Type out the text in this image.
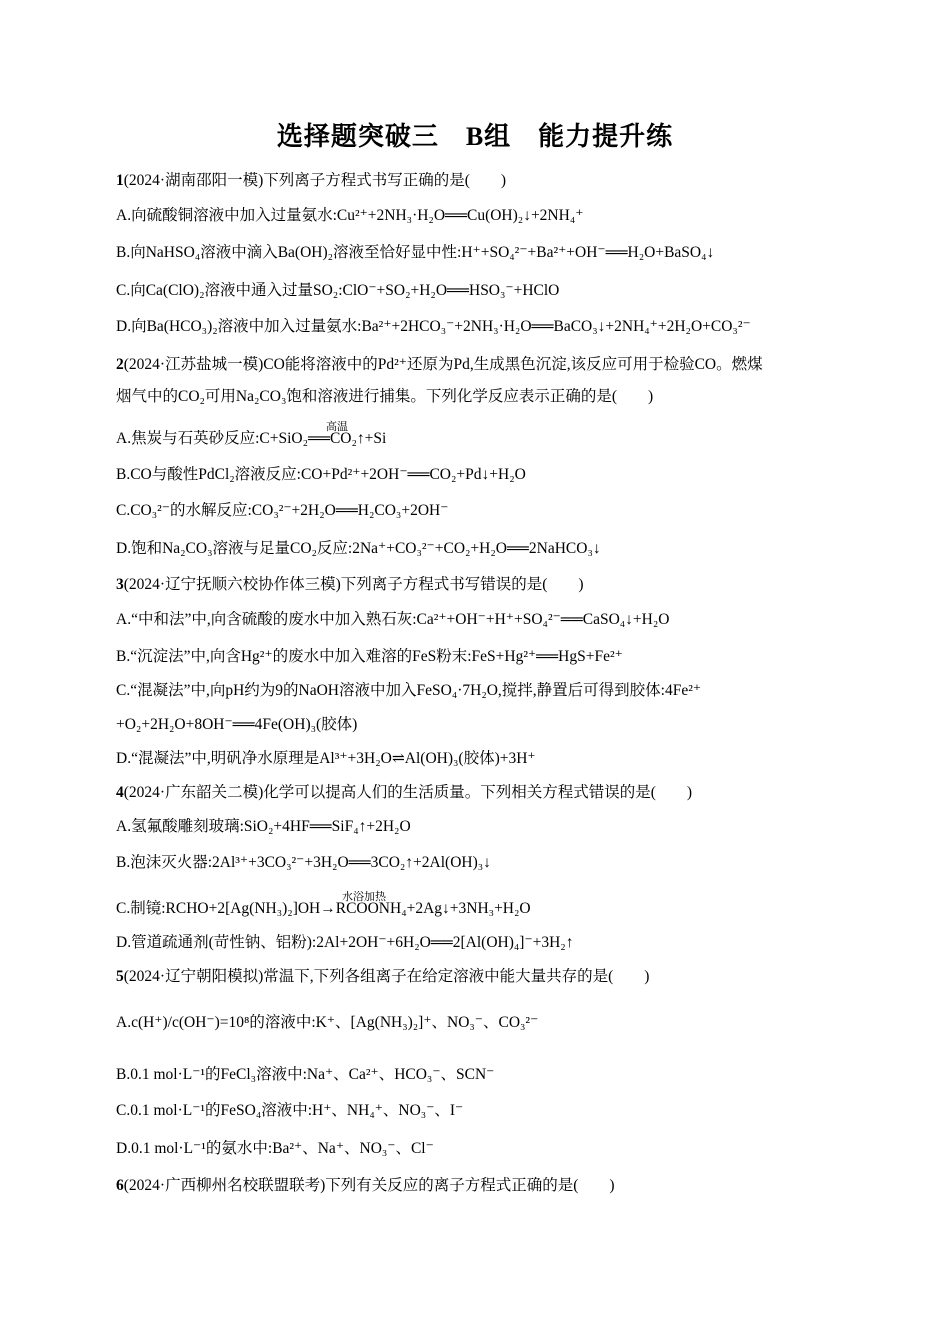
选择题突破三　B组　能力提升练
1(2024·湖南邵阳一模)下列离子方程式书写正确的是(　　)
A.向硫酸铜溶液中加入过量氨水:Cu²⁺+2NH₃·H₂O══Cu(OH)₂↓+2NH₄⁺
B.向NaHSO₄溶液中滴入Ba(OH)₂溶液至恰好显中性:H⁺+SO₄²⁻+Ba²⁺+OH⁻══H₂O+BaSO₄↓
C.向Ca(ClO)₂溶液中通入过量SO₂:ClO⁻+SO₂+H₂O══HSO₃⁻+HClO
D.向Ba(HCO₃)₂溶液中加入过量氨水:Ba²⁺+2HCO₃⁻+2NH₃·H₂O══BaCO₃↓+2NH₄⁺+2H₂O+CO₃²⁻
2(2024·江苏盐城一模)CO能将溶液中的Pd²⁺还原为Pd,生成黑色沉淀,该反应可用于检验CO。燃煤
烟气中的CO₂可用Na₂CO₃饱和溶液进行捕集。下列化学反应表示正确的是(　　)
A.焦炭与石英砂反应:C+SiO₂══CO₂↑+Si
高温
B.CO与酸性PdCl₂溶液反应:CO+Pd²⁺+2OH⁻══CO₂+Pd↓+H₂O
C.CO₃²⁻的水解反应:CO₃²⁻+2H₂O══H₂CO₃+2OH⁻
D.饱和Na₂CO₃溶液与足量CO₂反应:2Na⁺+CO₃²⁻+CO₂+H₂O══2NaHCO₃↓
3(2024·辽宁抚顺六校协作体三模)下列离子方程式书写错误的是(　　)
A.“中和法”中,向含硫酸的废水中加入熟石灰:Ca²⁺+OH⁻+H⁺+SO₄²⁻══CaSO₄↓+H₂O
B.“沉淀法”中,向含Hg²⁺的废水中加入难溶的FeS粉末:FeS+Hg²⁺══HgS+Fe²⁺
C.“混凝法”中,向pH约为9的NaOH溶液中加入FeSO₄·7H₂O,搅拌,静置后可得到胶体:4Fe²⁺
+O₂+2H₂O+8OH⁻══4Fe(OH)₃(胶体)
D.“混凝法”中,明矾净水原理是Al³⁺+3H₂O⇌Al(OH)₃(胶体)+3H⁺
4(2024·广东韶关二模)化学可以提高人们的生活质量。下列相关方程式错误的是(　　)
A.氢氟酸雕刻玻璃:SiO₂+4HF══SiF₄↑+2H₂O
B.泡沫灭火器:2Al³⁺+3CO₃²⁻+3H₂O══3CO₂↑+2Al(OH)₃↓
C.制镜:RCHO+2[Ag(NH₃)₂]OH→RCOONH₄+2Ag↓+3NH₃+H₂O
水浴加热
D.管道疏通剂(苛性钠、铝粉):2Al+2OH⁻+6H₂O══2[Al(OH)₄]⁻+3H₂↑
5(2024·辽宁朝阳模拟)常温下,下列各组离子在给定溶液中能大量共存的是(　　)
A.c(H⁺)/c(OH⁻)=10⁸的溶液中:K⁺、[Ag(NH₃)₂]⁺、NO₃⁻、CO₃²⁻
B.0.1 mol·L⁻¹的FeCl₃溶液中:Na⁺、Ca²⁺、HCO₃⁻、SCN⁻
C.0.1 mol·L⁻¹的FeSO₄溶液中:H⁺、NH₄⁺、NO₃⁻、I⁻
D.0.1 mol·L⁻¹的氨水中:Ba²⁺、Na⁺、NO₃⁻、Cl⁻
6(2024·广西柳州名校联盟联考)下列有关反应的离子方程式正确的是(　　)
